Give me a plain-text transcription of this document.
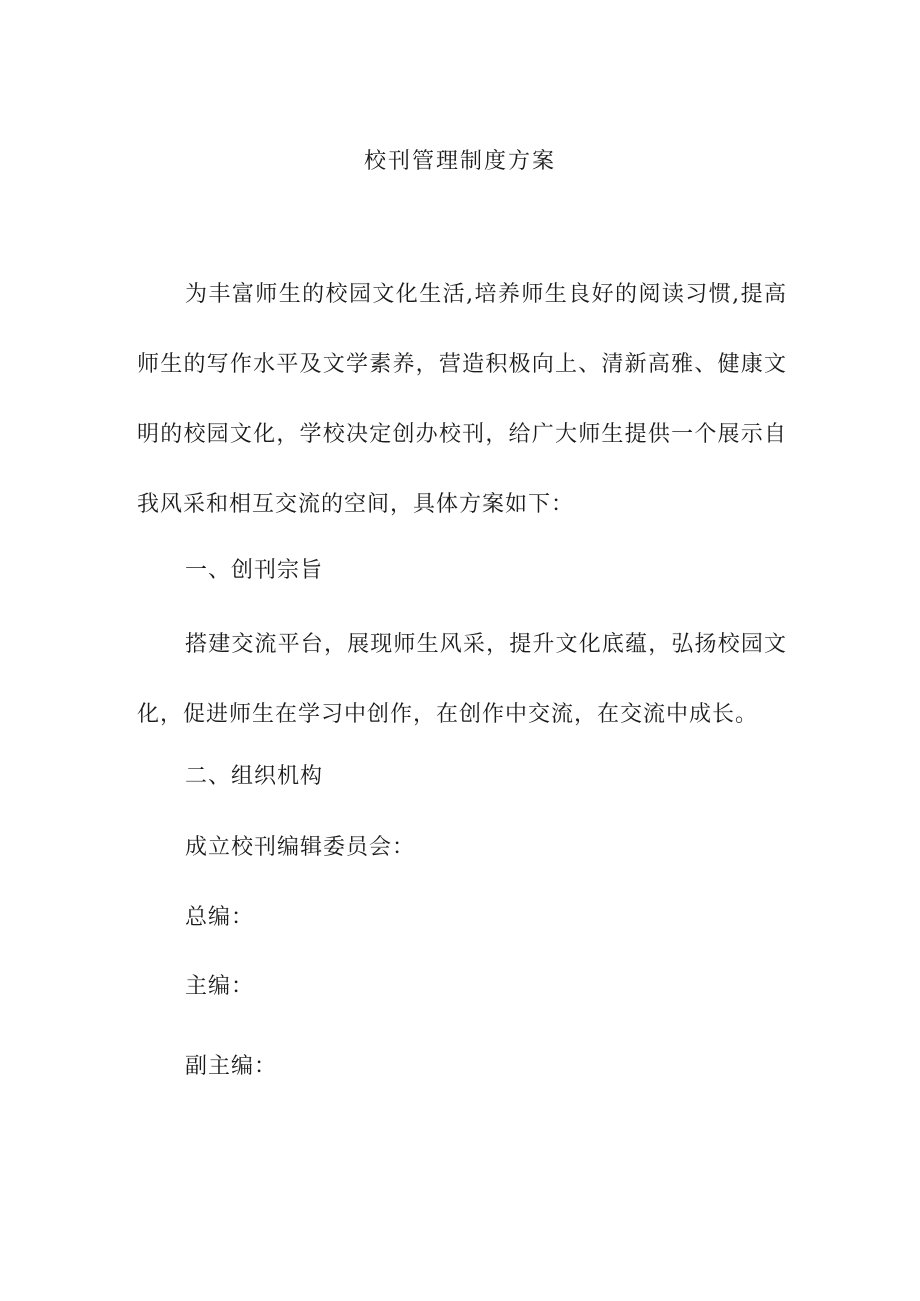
校刊管理制度方案
为丰富师生的校园文化生活,培养师生良好的阅读习惯,提高师生的写作水平及文学素养，营造积极向上、清新高雅、健康文明的校园文化，学校决定创办校刊，给广大师生提供一个展示自我风采和相互交流的空间，具体方案如下：
一、创刊宗旨
搭建交流平台，展现师生风采，提升文化底蕴，弘扬校园文化，促进师生在学习中创作，在创作中交流，在交流中成长。
二、组织机构
成立校刊编辑委员会：
总编：
主编：
副主编：
